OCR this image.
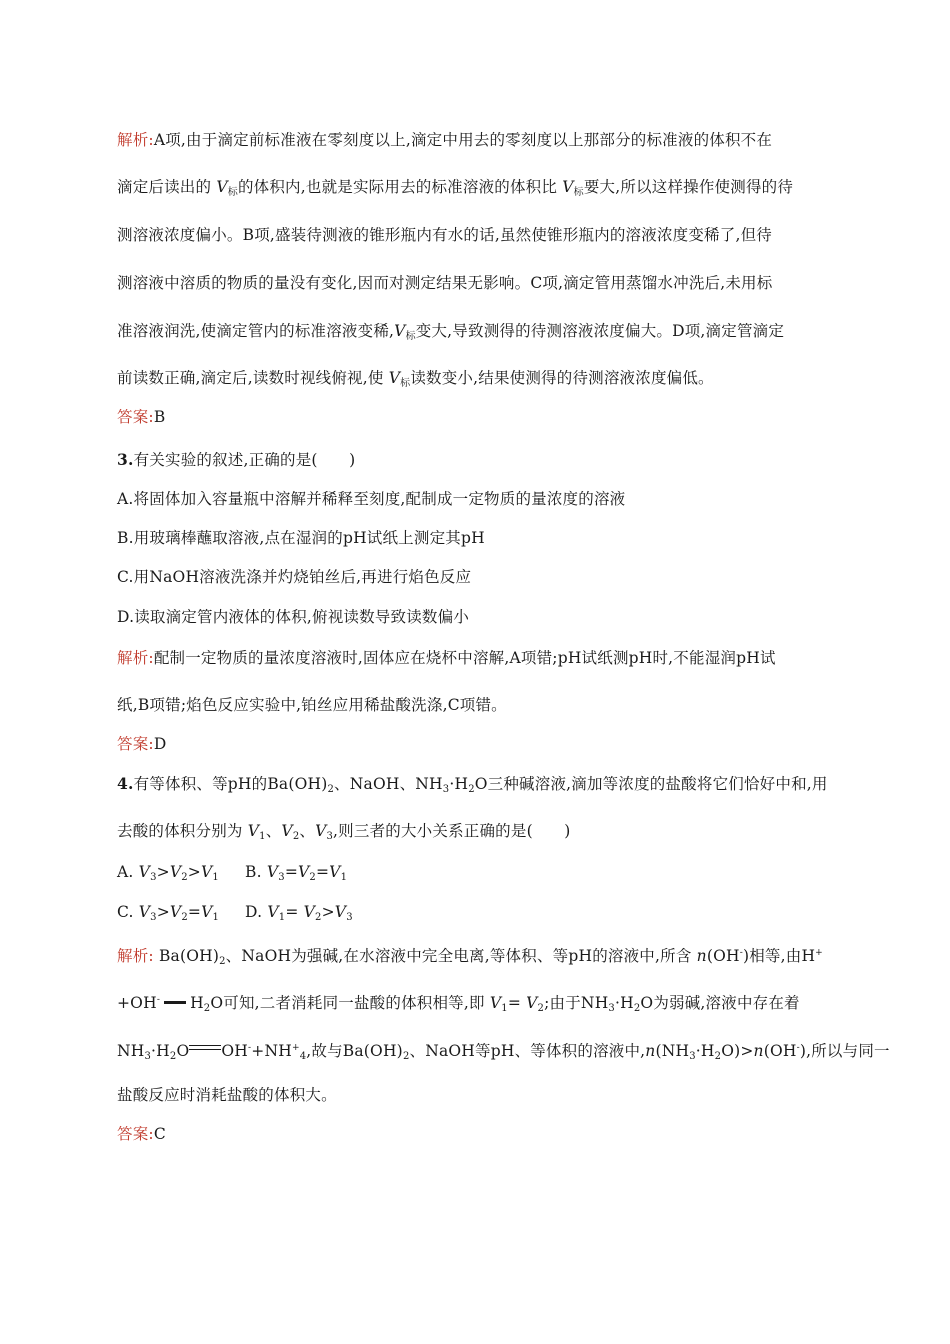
解析:A项,由于滴定前标准液在零刻度以上,滴定中用去的零刻度以上那部分的标准液的体积不在
滴定后读出的 $V_标$的体积内,也就是实际用去的标准溶液的体积比 $V_标$要大,所以这样操作使测得的待
测溶液浓度偏小。B项,盛装待测液的锥形瓶内有水的话,虽然使锥形瓶内的溶液浓度变稀了,但待
测溶液中溶质的物质的量没有变化,因而对测定结果无影响。C项,滴定管用蒸馏水冲洗后,未用标
准溶液润洗,使滴定管内的标准溶液变稀$,V_标$变大,导致测得的待测溶液浓度偏大。D项,滴定管滴定
前读数正确,滴定后,读数时视线俯视,使 $V_标$读数变小,结果使测得的待测溶液浓度偏低。
答案:B
3.有关实验的叙述,正确的是(　　)
A.将固体加入容量瓶中溶解并稀释至刻度,配制成一定物质的量浓度的溶液
B.用玻璃棒蘸取溶液,点在湿润的pH试纸上测定其pH
C.用NaOH溶液洗涤并灼烧铂丝后,再进行焰色反应
D.读取滴定管内液体的体积,俯视读数导致读数偏小
解析:配制一定物质的量浓度溶液时,固体应在烧杯中溶解,A项错;pH试纸测pH时,不能湿润pH试
纸,B项错;焰色反应实验中,铂丝应用稀盐酸洗涤,C项错。
答案:D
4.有等体积、等pH的$Ba(OH)_2$、NaOH、$NH_3\cdot H_2O$三种碱溶液,滴加等浓度的盐酸将它们恰好中和,用
去酸的体积分别为 $V_1$、$V_2$、$V_3$,则三者的大小关系正确的是(　　)
A. $V_3>V_2>V_1$ B. $V_3=V_2=V_1$
C. $V_3>V_2=V_1$ D. $V_1= V_2>V_3$
解析: $Ba(OH)_2$、NaOH为强碱,在水溶液中完全电离,等体积、等pH的溶液中,所含 n(OH-)相等,由H+
+OH- $H_2O$可知,二者消耗同一盐酸的体积相等,即 $V_1= V_2$;由于$NH_3\cdot H_2O$为弱碱,溶液中存在着
$NH_3\cdot H_2O$ $OH^-+NH^+_4$,故与$Ba(OH)_2$、NaOH等pH、等体积的溶液中$,n(NH_3\cdot H_2O)>n(OH^-)$,所以与同一
盐酸反应时消耗盐酸的体积大。
答案:C
